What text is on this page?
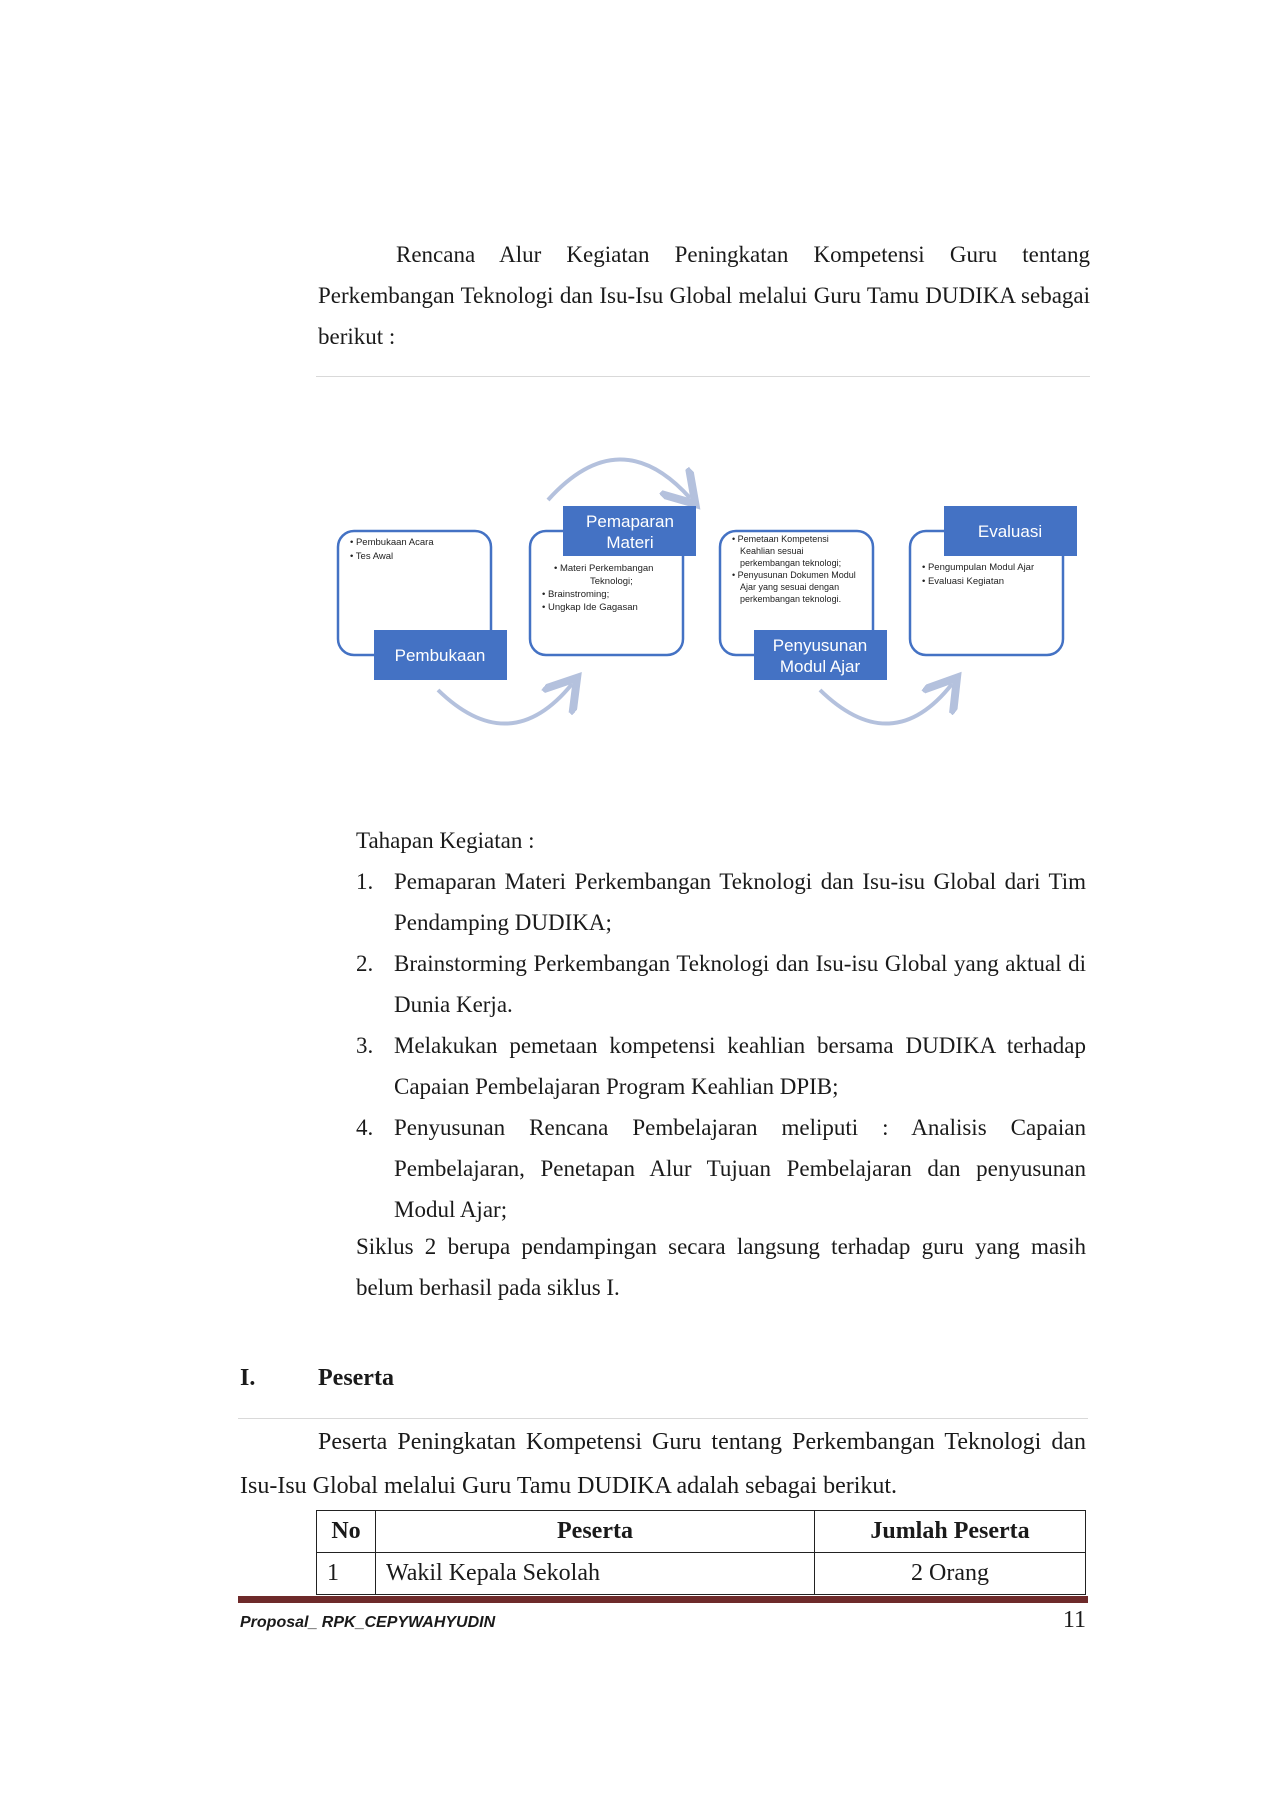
Rencana Alur Kegiatan Peningkatan Kompetensi Guru tentang Perkembangan Teknologi dan Isu-Isu Global melalui Guru Tamu DUDIKA sebagai berikut :

Pembukaan
• Pembukaan Acara
• Tes Awal
Pemaparan
Materi
• Materi Perkembangan
Teknologi;
• Brainstroming;
• Ungkap Ide Gagasan
Penyusunan
Modul Ajar
• Pemetaan Kompetensi
Keahlian sesuai
perkembangan teknologi;
• Penyusunan Dokumen Modul
Ajar yang sesuai dengan
perkembangan teknologi.
Evaluasi
• Pengumpulan Modul Ajar
• Evaluasi Kegiatan
Tahapan Kegiatan :
1. Pemaparan Materi Perkembangan Teknologi dan Isu-isu Global dari Tim Pendamping DUDIKA;
2. Brainstorming Perkembangan Teknologi dan Isu-isu Global yang aktual di Dunia Kerja.
3. Melakukan pemetaan kompetensi keahlian bersama DUDIKA terhadap Capaian Pembelajaran Program Keahlian DPIB;
4. Penyusunan Rencana Pembelajaran meliputi : Analisis Capaian Pembelajaran, Penetapan Alur Tujuan Pembelajaran dan penyusunan Modul Ajar;

Siklus 2 berupa pendampingan secara langsung terhadap guru yang masih belum berhasil pada siklus I.

I.	Peserta

Peserta Peningkatan Kompetensi Guru tentang Perkembangan Teknologi dan Isu-Isu Global melalui Guru Tamu DUDIKA adalah sebagai berikut.

No	Peserta	Jumlah Peserta
1	Wakil Kepala Sekolah	2 Orang
Proposal_ RPK_CEPYWAHYUDIN	11
